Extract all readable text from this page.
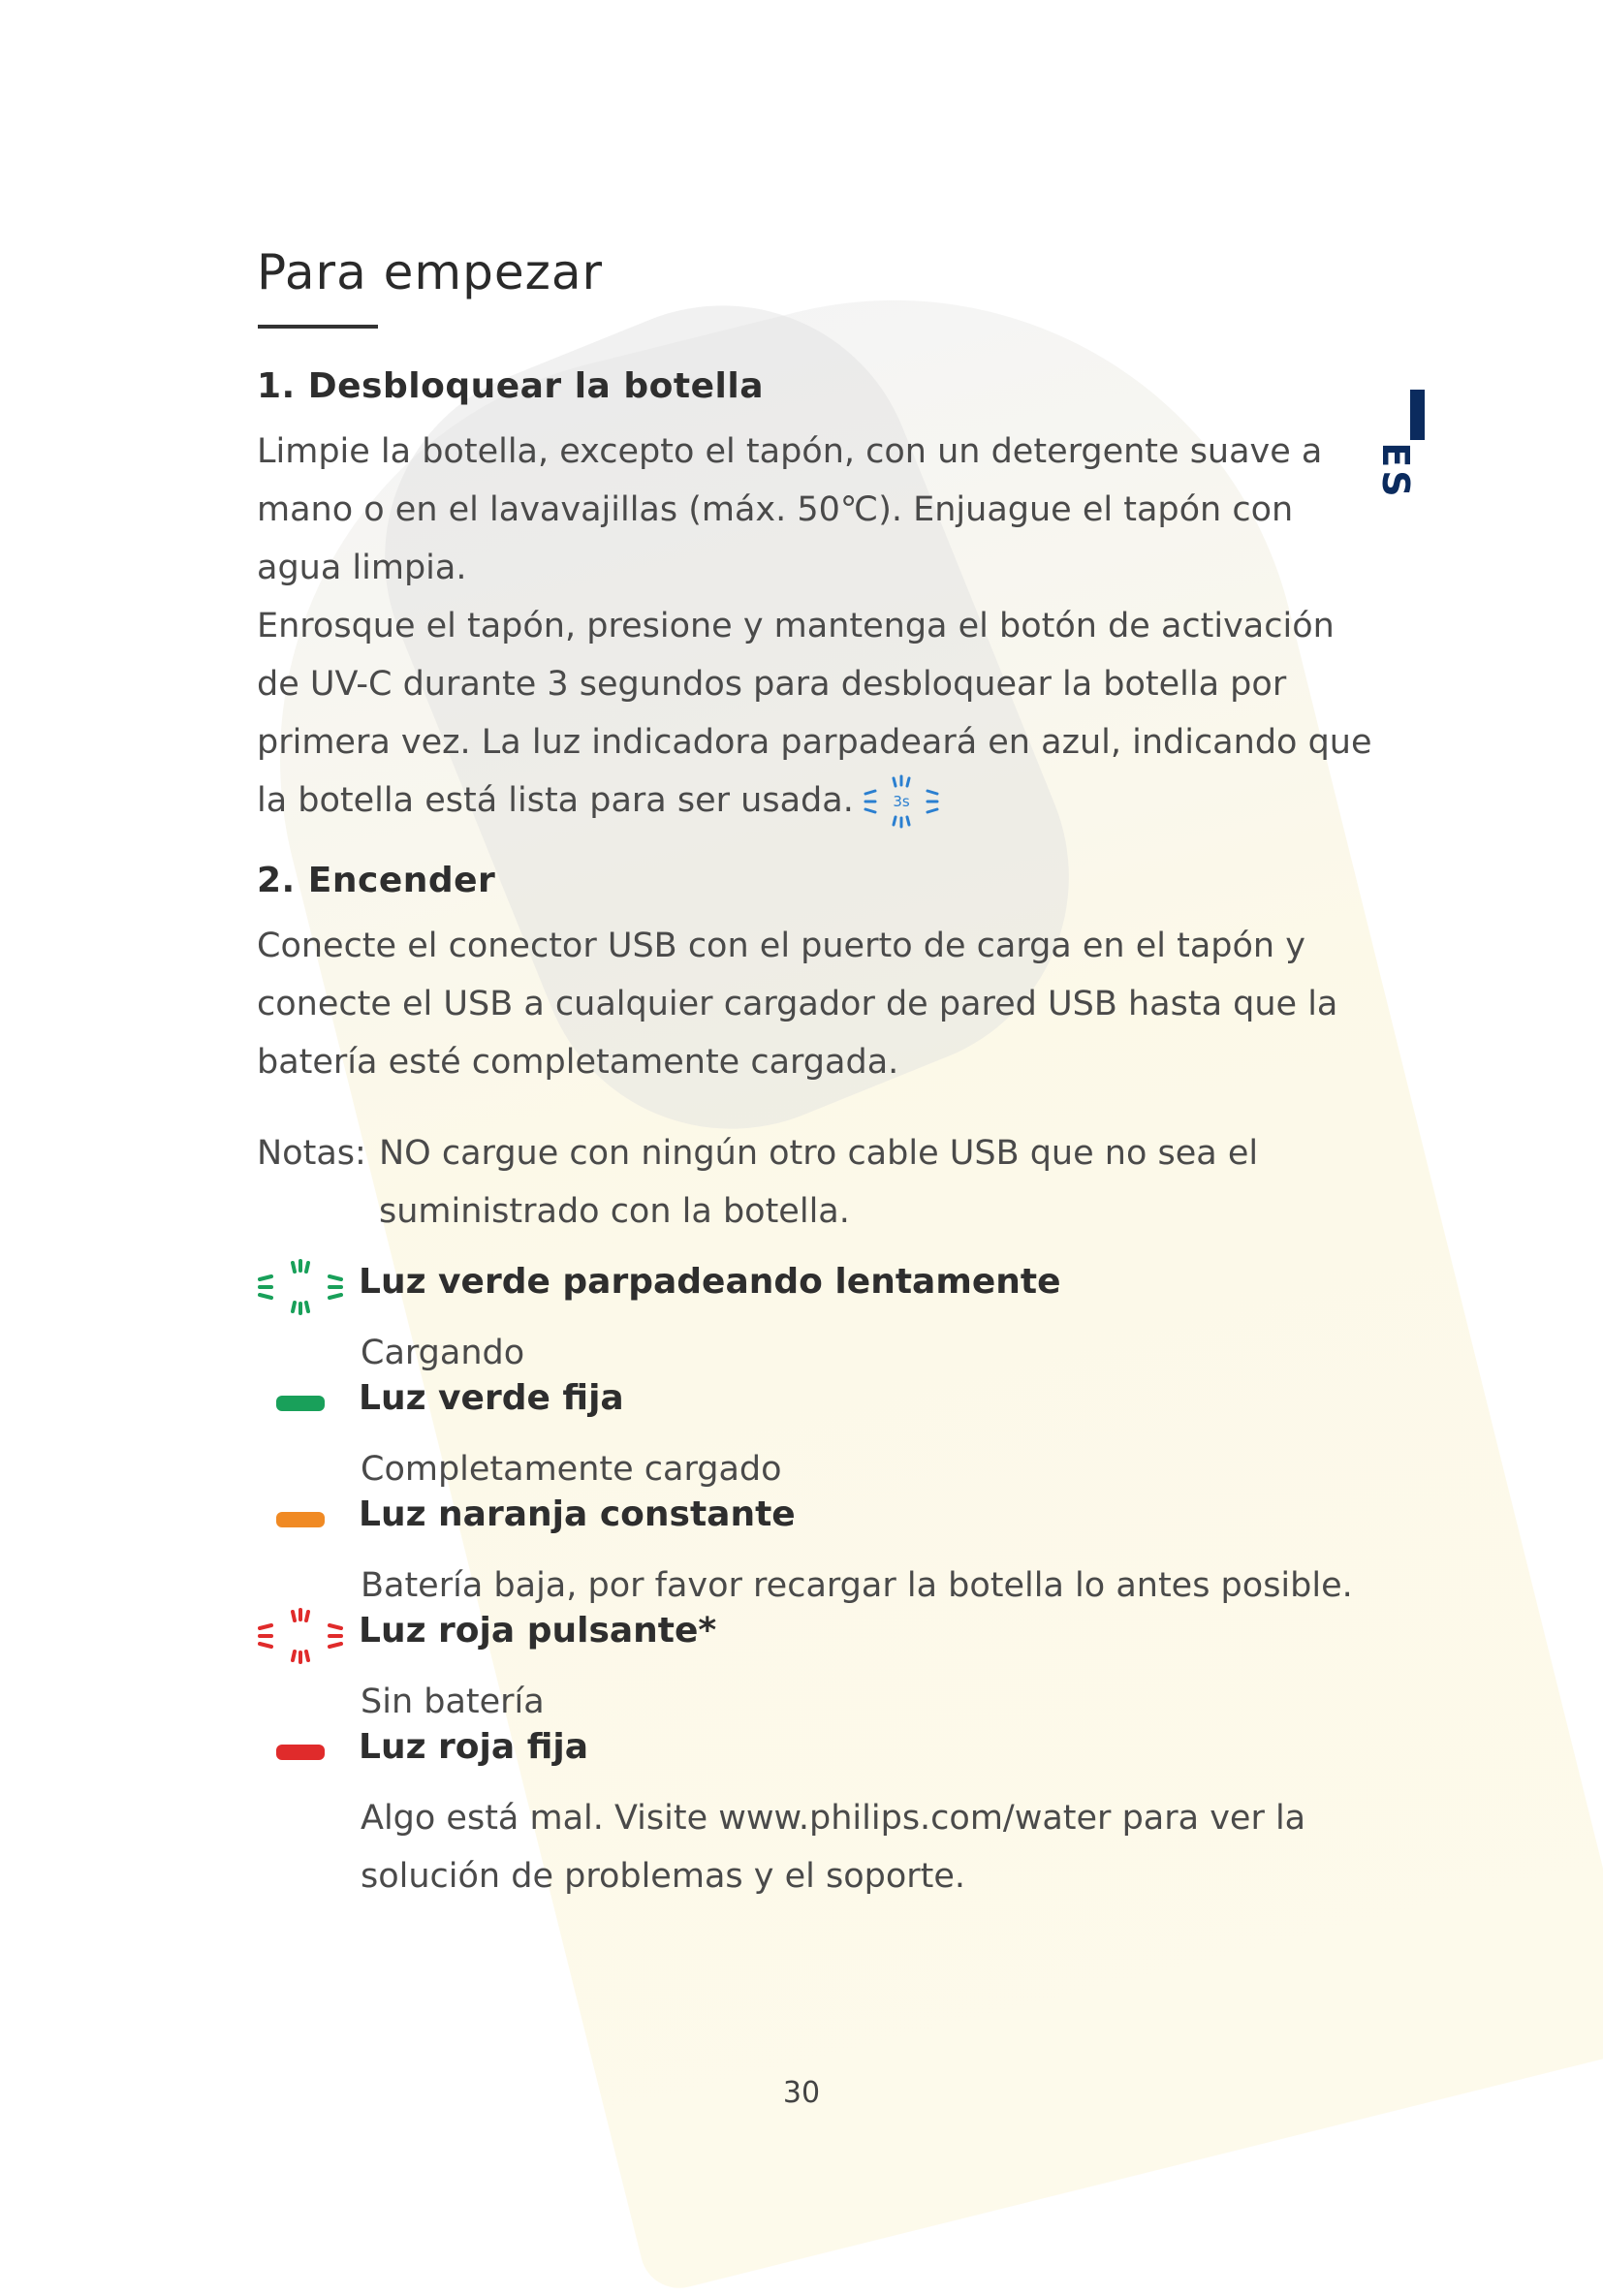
Para empezar
ES
1. Desbloquear la botella

Limpie la botella, excepto el tapón, con un detergente suave a mano o en el lavavajillas (máx. 50℃). Enjuague el tapón con agua limpia.

Enrosque el tapón, presione y mantenga el botón de activación de UV-C durante 3 segundos para desbloquear la botella por primera vez. La luz indicadora parpadeará en azul, indicando que la botella está lista para ser usada.	3s

2. Encender

Conecte el conector USB con el puerto de carga en el tapón y conecte el USB a cualquier cargador de pared USB hasta que la batería esté completamente cargada.

Notas: NO cargue con ningún otro cable USB que no sea el suministrado con la botella.
Luz verde parpadeando lentamente
Cargando
Luz verde fija
Completamente cargado
Luz naranja constante
Batería baja, por favor recargar la botella lo antes posible.
Luz roja pulsante*
Sin batería
Luz roja fija
Algo está mal. Visite www.philips.com/water para ver la solución de problemas y el soporte.
30
